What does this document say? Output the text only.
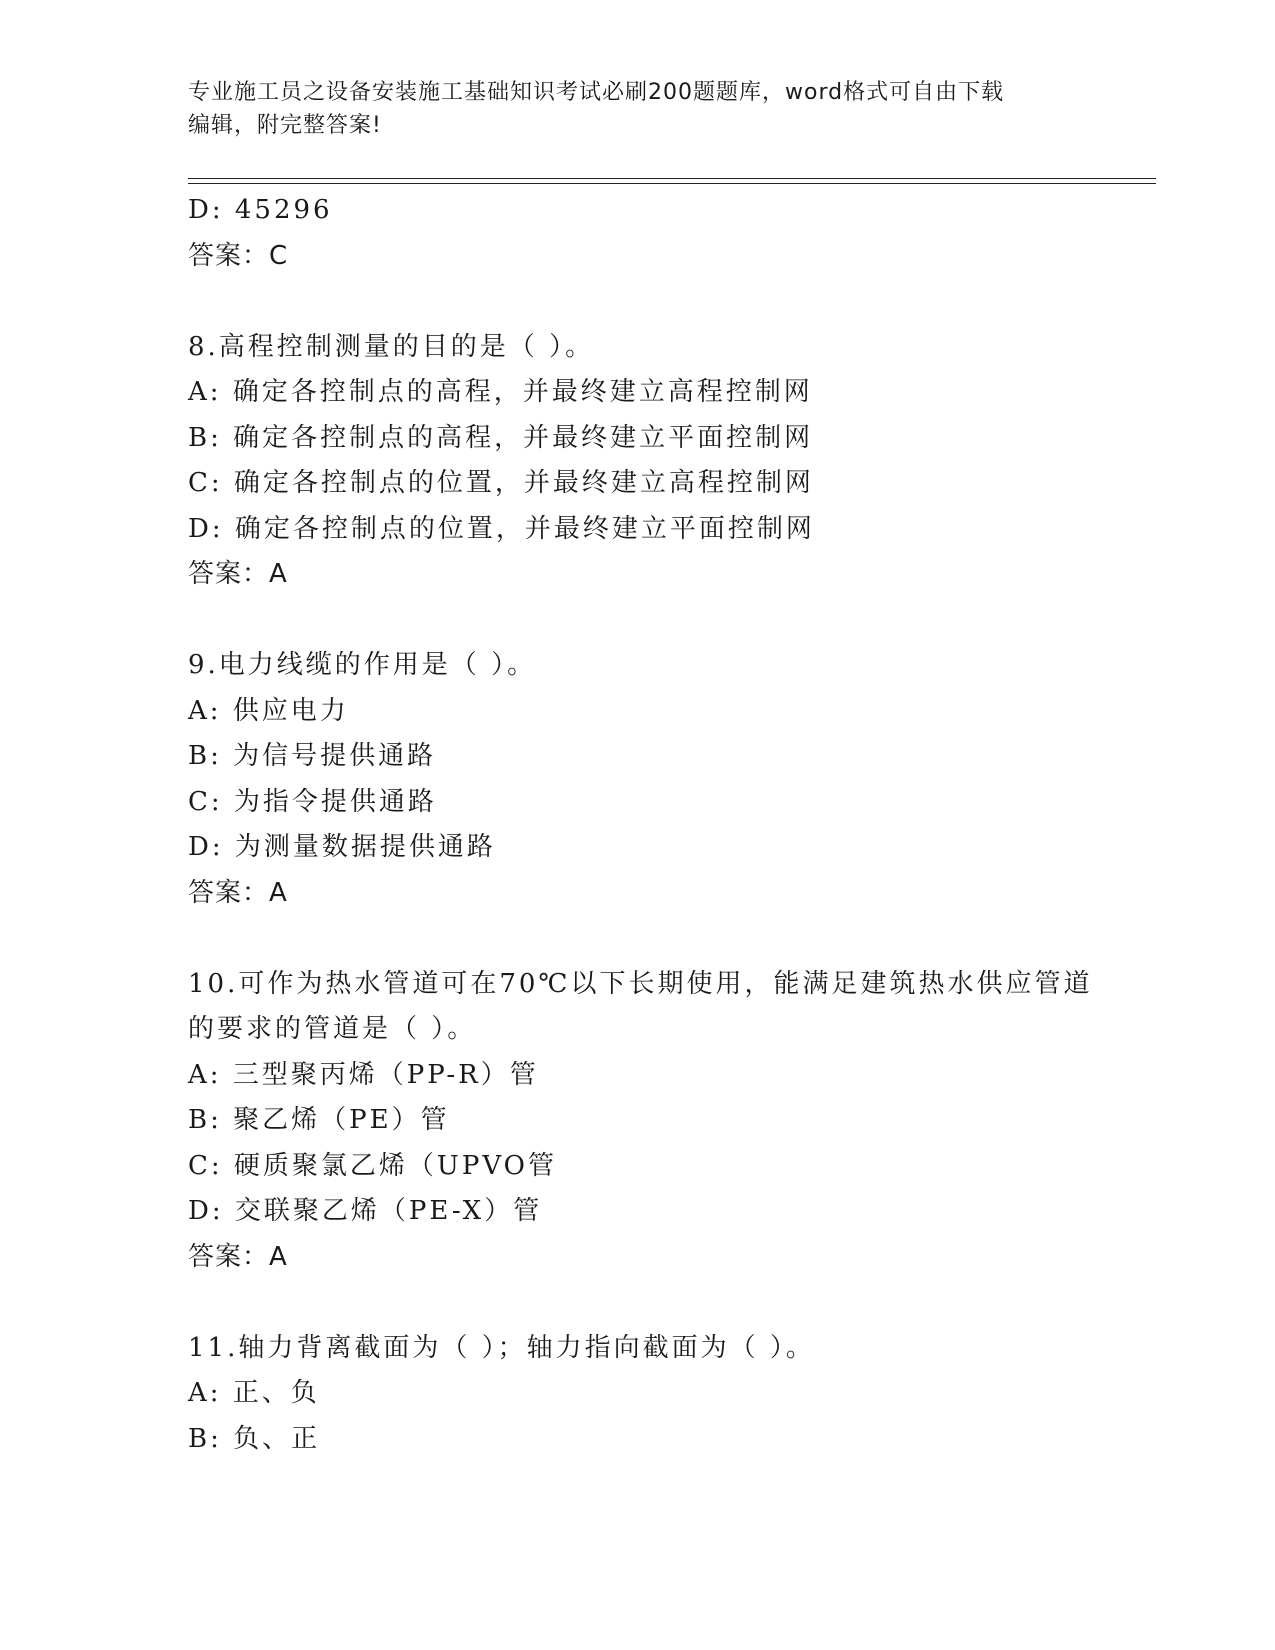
专业施工员之设备安装施工基础知识考试必刷200题题库，word格式可自由下载
编辑，附完整答案!
D: 45296
答案：C
8.高程控制测量的目的是（ ）。
A: 确定各控制点的高程，并最终建立高程控制网
B: 确定各控制点的高程，并最终建立平面控制网
C: 确定各控制点的位置，并最终建立高程控制网
D: 确定各控制点的位置，并最终建立平面控制网
答案：A
9.电力线缆的作用是（ ）。
A: 供应电力
B: 为信号提供通路
C: 为指令提供通路
D: 为测量数据提供通路
答案：A
10.可作为热水管道可在70℃以下长期使用，能满足建筑热水供应管道
的要求的管道是（ ）。
A: 三型聚丙烯（PP-R）管
B: 聚乙烯（PE）管
C: 硬质聚氯乙烯（UPVO管
D: 交联聚乙烯（PE-X）管
答案：A
11.轴力背离截面为（ ）；轴力指向截面为（ ）。
A: 正、负
B: 负、正
